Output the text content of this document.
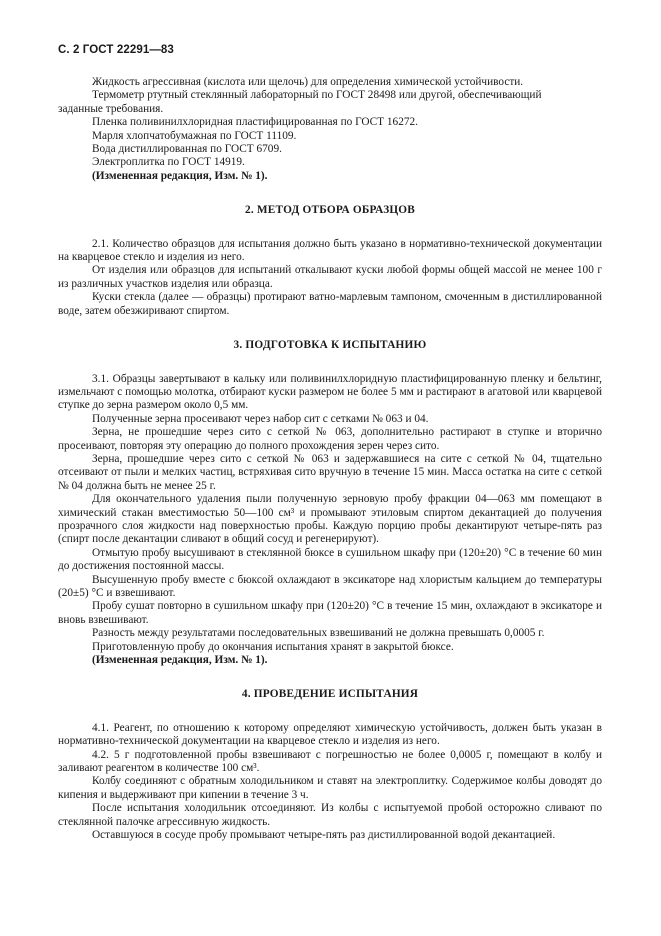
С. 2 ГОСТ 22291—83

Жидкость агрессивная (кислота или щелочь) для определения химической устойчивости.

Термометр ртутный стеклянный лабораторный по ГОСТ 28498 или другой, обеспечивающий

заданные требования.

Пленка поливинилхлоридная пластифицированная по ГОСТ 16272.

Марля хлопчатобумажная по ГОСТ 11109.

Вода дистиллированная по ГОСТ 6709.

Электроплитка по ГОСТ 14919.

(Измененная редакция, Изм. № 1).

2. МЕТОД ОТБОРА ОБРАЗЦОВ

2.1. Количество образцов для испытания должно быть указано в нормативно-технической документации на кварцевое стекло и изделия из него.

От изделия или образцов для испытаний откалывают куски любой формы общей массой не менее 100 г из различных участков изделия или образца.

Куски стекла (далее — образцы) протирают ватно-марлевым тампоном, смоченным в дистиллированной воде, затем обезжиривают спиртом.

3. ПОДГОТОВКА К ИСПЫТАНИЮ

3.1. Образцы завертывают в кальку или поливинилхлоридную пластифицированную пленку и бельтинг, измельчают с помощью молотка, отбирают куски размером не более 5 мм и растирают в агатовой или кварцевой ступке до зерна размером около 0,5 мм.

Полученные зерна просеивают через набор сит с сетками № 063 и 04.

Зерна, не прошедшие через сито с сеткой № 063, дополнительно растирают в ступке и вторично просеивают, повторяя эту операцию до полного прохождения зерен через сито.

Зерна, прошедшие через сито с сеткой № 063 и задержавшиеся на сите с сеткой № 04, тщательно отсеивают от пыли и мелких частиц, встряхивая сито вручную в течение 15 мин. Масса остатка на сите с сеткой № 04 должна быть не менее 25 г.

Для окончательного удаления пыли полученную зерновую пробу фракции 04—063 мм помещают в химический стакан вместимостью 50—100 см³ и промывают этиловым спиртом декантацией до получения прозрачного слоя жидкости над поверхностью пробы. Каждую порцию пробы декантируют четыре-пять раз (спирт после декантации сливают в общий сосуд и регенерируют).

Отмытую пробу высушивают в стеклянной бюксе в сушильном шкафу при (120±20) °С в течение 60 мин до достижения постоянной массы.

Высушенную пробу вместе с бюксой охлаждают в эксикаторе над хлористым кальцием до температуры (20±5) °С и взвешивают.

Пробу сушат повторно в сушильном шкафу при (120±20) °С в течение 15 мин, охлаждают в эксикаторе и вновь взвешивают.

Разность между результатами последовательных взвешиваний не должна превышать 0,0005 г.

Приготовленную пробу до окончания испытания хранят в закрытой бюксе.

(Измененная редакция, Изм. № 1).

4. ПРОВЕДЕНИЕ ИСПЫТАНИЯ

4.1. Реагент, по отношению к которому определяют химическую устойчивость, должен быть указан в нормативно-технической документации на кварцевое стекло и изделия из него.

4.2. 5 г подготовленной пробы взвешивают с погрешностью не более 0,0005 г, помещают в колбу и заливают реагентом в количестве 100 см³.

Колбу соединяют с обратным холодильником и ставят на электроплитку. Содержимое колбы доводят до кипения и выдерживают при кипении в течение 3 ч.

После испытания холодильник отсоединяют. Из колбы с испытуемой пробой осторожно сливают по стеклянной палочке агрессивную жидкость.

Оставшуюся в сосуде пробу промывают четыре-пять раз дистиллированной водой декантацией.
